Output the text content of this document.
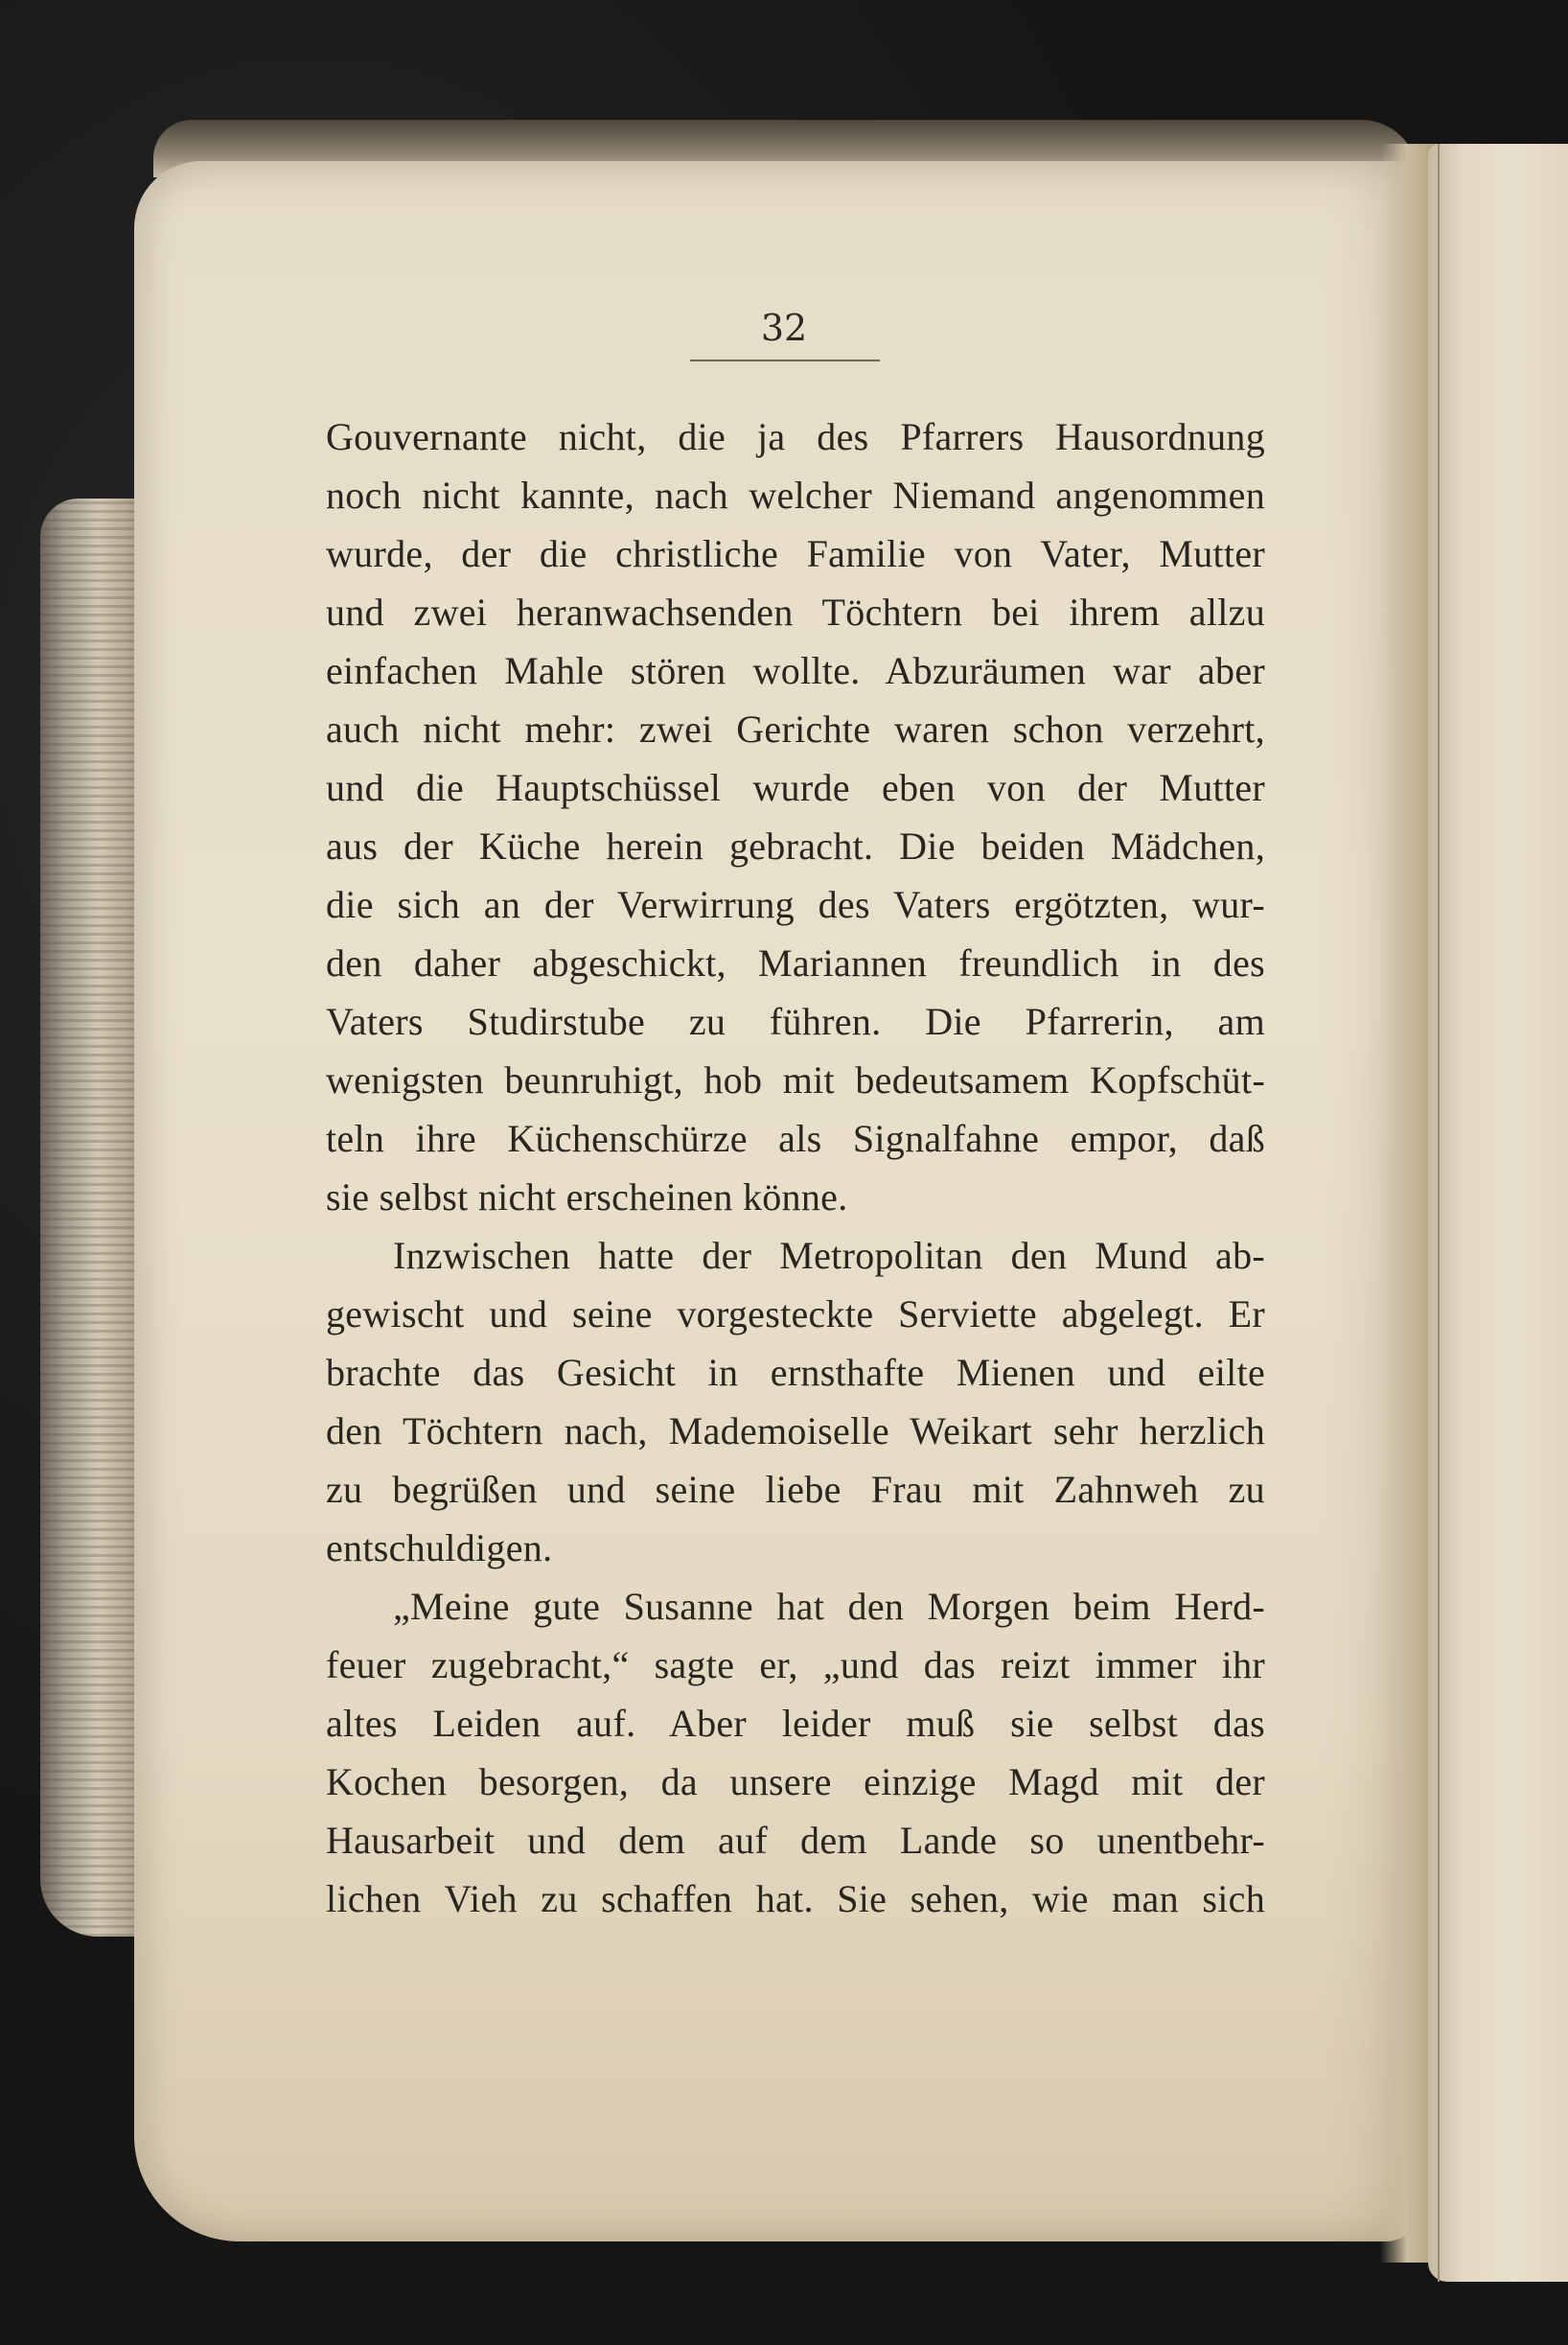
32
Gouvernante nicht, die ja des Pfarrers Hausordnung
noch nicht kannte, nach welcher Niemand angenommen
wurde, der die christliche Familie von Vater, Mutter
und zwei heranwachsenden Töchtern bei ihrem allzu
einfachen Mahle stören wollte. Abzuräumen war aber
auch nicht mehr: zwei Gerichte waren schon verzehrt,
und die Hauptschüssel wurde eben von der Mutter
aus der Küche herein gebracht. Die beiden Mädchen,
die sich an der Verwirrung des Vaters ergötzten, wur-
den daher abgeschickt, Mariannen freundlich in des
Vaters Studirstube zu führen. Die Pfarrerin, am
wenigsten beunruhigt, hob mit bedeutsamem Kopfschüt-
teln ihre Küchenschürze als Signalfahne empor, daß
sie selbst nicht erscheinen könne.
Inzwischen hatte der Metropolitan den Mund ab-
gewischt und seine vorgesteckte Serviette abgelegt. Er
brachte das Gesicht in ernsthafte Mienen und eilte
den Töchtern nach, Mademoiselle Weikart sehr herzlich
zu begrüßen und seine liebe Frau mit Zahnweh zu
entschuldigen.
„Meine gute Susanne hat den Morgen beim Herd-
feuer zugebracht,“ sagte er, „und das reizt immer ihr
altes Leiden auf. Aber leider muß sie selbst das
Kochen besorgen, da unsere einzige Magd mit der
Hausarbeit und dem auf dem Lande so unentbehr-
lichen Vieh zu schaffen hat. Sie sehen, wie man sich
